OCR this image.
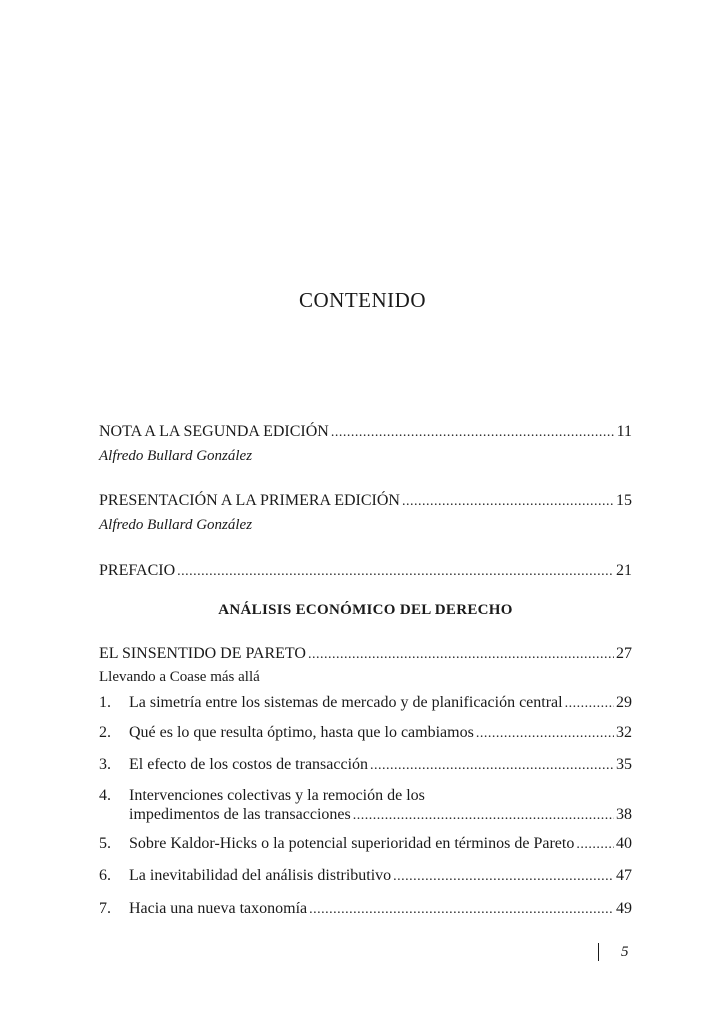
CONTENIDO
NOTA A LA SEGUNDA EDICIÓN .....	11
Alfredo Bullard González
PRESENTACIÓN A LA PRIMERA EDICIÓN .....	15
Alfredo Bullard González
PREFACIO .....	21
ANÁLISIS ECONÓMICO DEL DERECHO
EL SINSENTIDO DE PARETO .....	27
Llevando a Coase más allá
1. La simetría entre los sistemas de mercado y de planificación central .....	29
2. Qué es lo que resulta óptimo, hasta que lo cambiamos .....	32
3. El efecto de los costos de transacción .....	35
4.	Intervenciones colectivas y la remoción de los
impedimentos de las transacciones .....	38
5. Sobre Kaldor-Hicks o la potencial superioridad en términos de Pareto .....	40
6. La inevitabilidad del análisis distributivo .....	47
7. Hacia una nueva taxonomía .....	49
5
